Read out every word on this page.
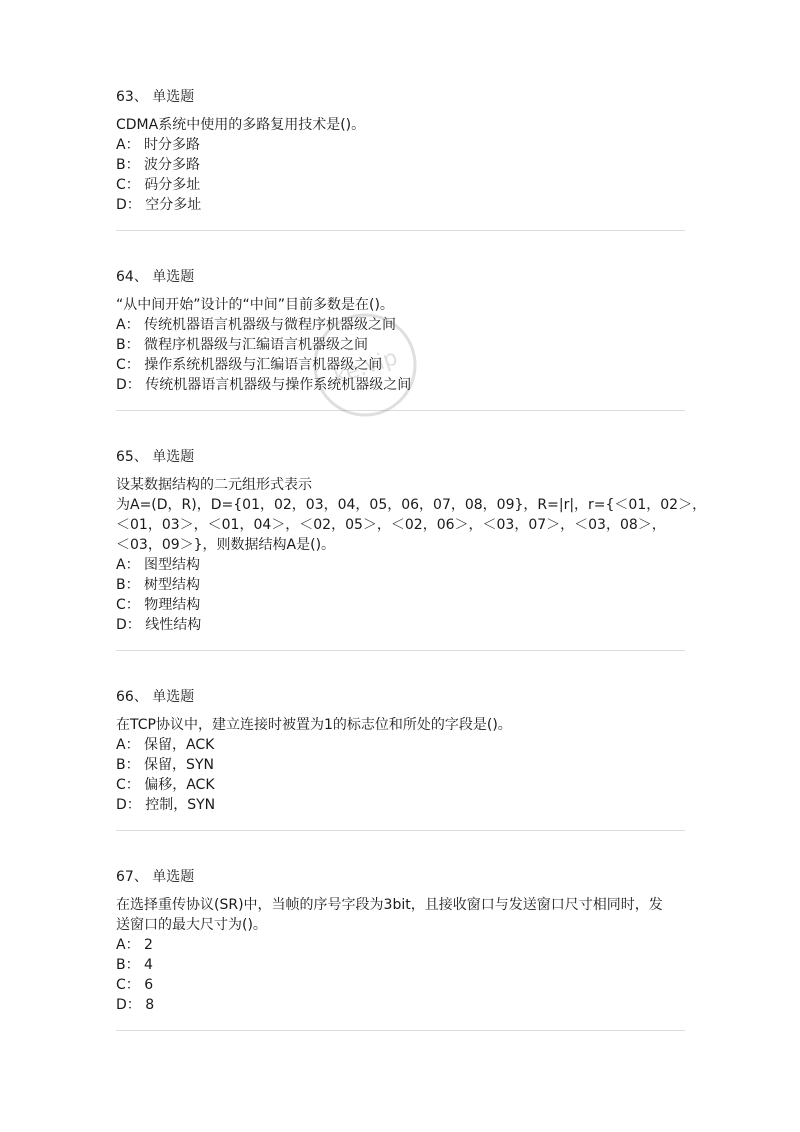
63、 单选题
CDMA系统中使用的多路复用技术是()。
A： 时分多路
B： 波分多路
C： 码分多址
D： 空分多址
64、 单选题
“从中间开始”设计的“中间”目前多数是在()。
A： 传统机器语言机器级与微程序机器级之间
B： 微程序机器级与汇编语言机器级之间
C： 操作系统机器级与汇编语言机器级之间
D： 传统机器语言机器级与操作系统机器级之间
65、 单选题
设某数据结构的二元组形式表示
为A=(D，R)，D={01，02，03，04，05，06，07，08，09}，R=|r|，r={＜01，02＞，
＜01，03＞，＜01，04＞，＜02，05＞，＜02，06＞，＜03，07＞，＜03，08＞，
＜03，09＞}，则数据结构A是()。
A： 图型结构
B： 树型结构
C： 物理结构
D： 线性结构
66、 单选题
在TCP协议中，建立连接时被置为1的标志位和所处的字段是()。
A： 保留，ACK
B： 保留，SYN
C： 偏移，ACK
D： 控制，SYN
67、 单选题
在选择重传协议(SR)中，当帧的序号字段为3bit，且接收窗口与发送窗口尺寸相同时，发
送窗口的最大尺寸为()。
A： 2
B： 4
C： 6
D： 8
ke.vip
